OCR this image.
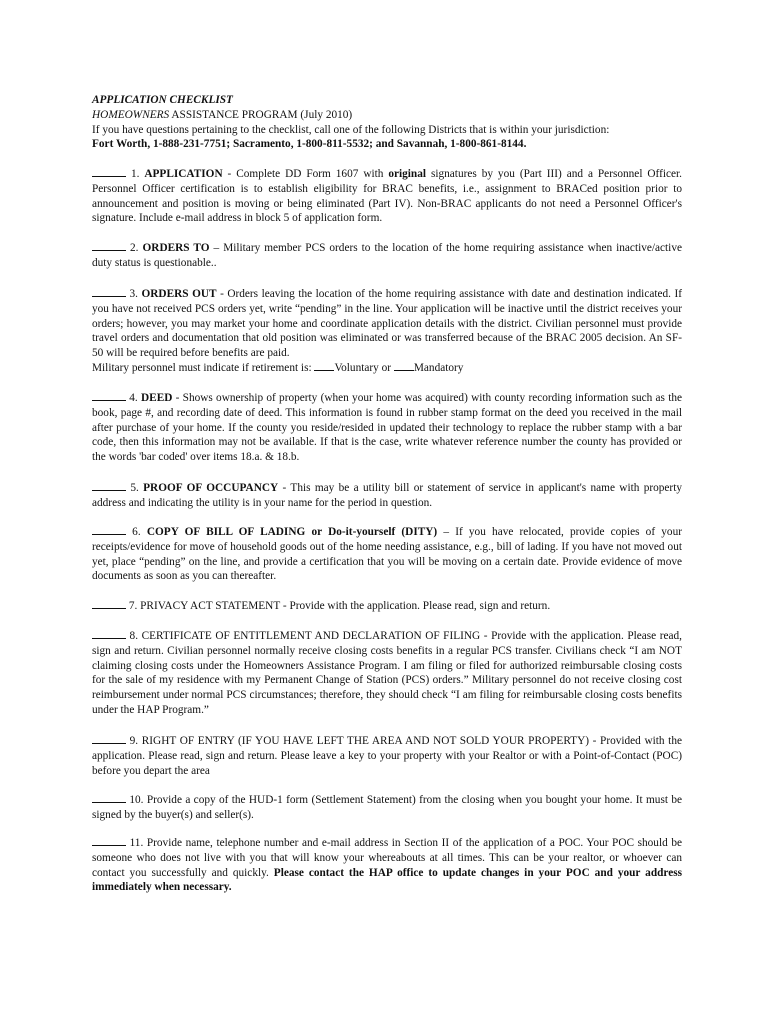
APPLICATION CHECKLIST
HOMEOWNERS ASSISTANCE PROGRAM (July 2010)
If you have questions pertaining to the checklist, call one of the following Districts that is within your jurisdiction:
Fort Worth, 1-888-231-7751; Sacramento, 1-800-811-5532; and Savannah, 1-800-861-8144.
1. APPLICATION - Complete DD Form 1607 with original signatures by you (Part III) and a Personnel Officer. Personnel Officer certification is to establish eligibility for BRAC benefits, i.e., assignment to BRACed position prior to announcement and position is moving or being eliminated (Part IV). Non-BRAC applicants do not need a Personnel Officer's signature. Include e-mail address in block 5 of application form.
2. ORDERS TO – Military member PCS orders to the location of the home requiring assistance when inactive/active duty status is questionable..
3. ORDERS OUT - Orders leaving the location of the home requiring assistance with date and destination indicated. If you have not received PCS orders yet, write “pending” in the line. Your application will be inactive until the district receives your orders; however, you may market your home and coordinate application details with the district. Civilian personnel must provide travel orders and documentation that old position was eliminated or was transferred because of the BRAC 2005 decision. An SF-50 will be required before benefits are paid.
Military personnel must indicate if retirement is: Voluntary or Mandatory
4. DEED - Shows ownership of property (when your home was acquired) with county recording information such as the book, page #, and recording date of deed. This information is found in rubber stamp format on the deed you received in the mail after purchase of your home. If the county you reside/resided in updated their technology to replace the rubber stamp with a bar code, then this information may not be available. If that is the case, write whatever reference number the county has provided or the words 'bar coded' over items 18.a. & 18.b.
5. PROOF OF OCCUPANCY - This may be a utility bill or statement of service in applicant's name with property address and indicating the utility is in your name for the period in question.
6. COPY OF BILL OF LADING or Do-it-yourself (DITY) – If you have relocated, provide copies of your receipts/evidence for move of household goods out of the home needing assistance, e.g., bill of lading. If you have not moved out yet, place “pending” on the line, and provide a certification that you will be moving on a certain date. Provide evidence of move documents as soon as you can thereafter.
7. PRIVACY ACT STATEMENT - Provide with the application. Please read, sign and return.
8. CERTIFICATE OF ENTITLEMENT AND DECLARATION OF FILING - Provide with the application. Please read, sign and return. Civilian personnel normally receive closing costs benefits in a regular PCS transfer. Civilians check “I am NOT claiming closing costs under the Homeowners Assistance Program. I am filing or filed for authorized reimbursable closing costs for the sale of my residence with my Permanent Change of Station (PCS) orders.” Military personnel do not receive closing cost reimbursement under normal PCS circumstances; therefore, they should check “I am filing for reimbursable closing costs benefits under the HAP Program.”
9. RIGHT OF ENTRY (IF YOU HAVE LEFT THE AREA AND NOT SOLD YOUR PROPERTY) - Provided with the application. Please read, sign and return. Please leave a key to your property with your Realtor or with a Point-of-Contact (POC) before you depart the area
10. Provide a copy of the HUD-1 form (Settlement Statement) from the closing when you bought your home. It must be signed by the buyer(s) and seller(s).
11. Provide name, telephone number and e-mail address in Section II of the application of a POC. Your POC should be someone who does not live with you that will know your whereabouts at all times. This can be your realtor, or whoever can contact you successfully and quickly. Please contact the HAP office to update changes in your POC and your address immediately when necessary.
